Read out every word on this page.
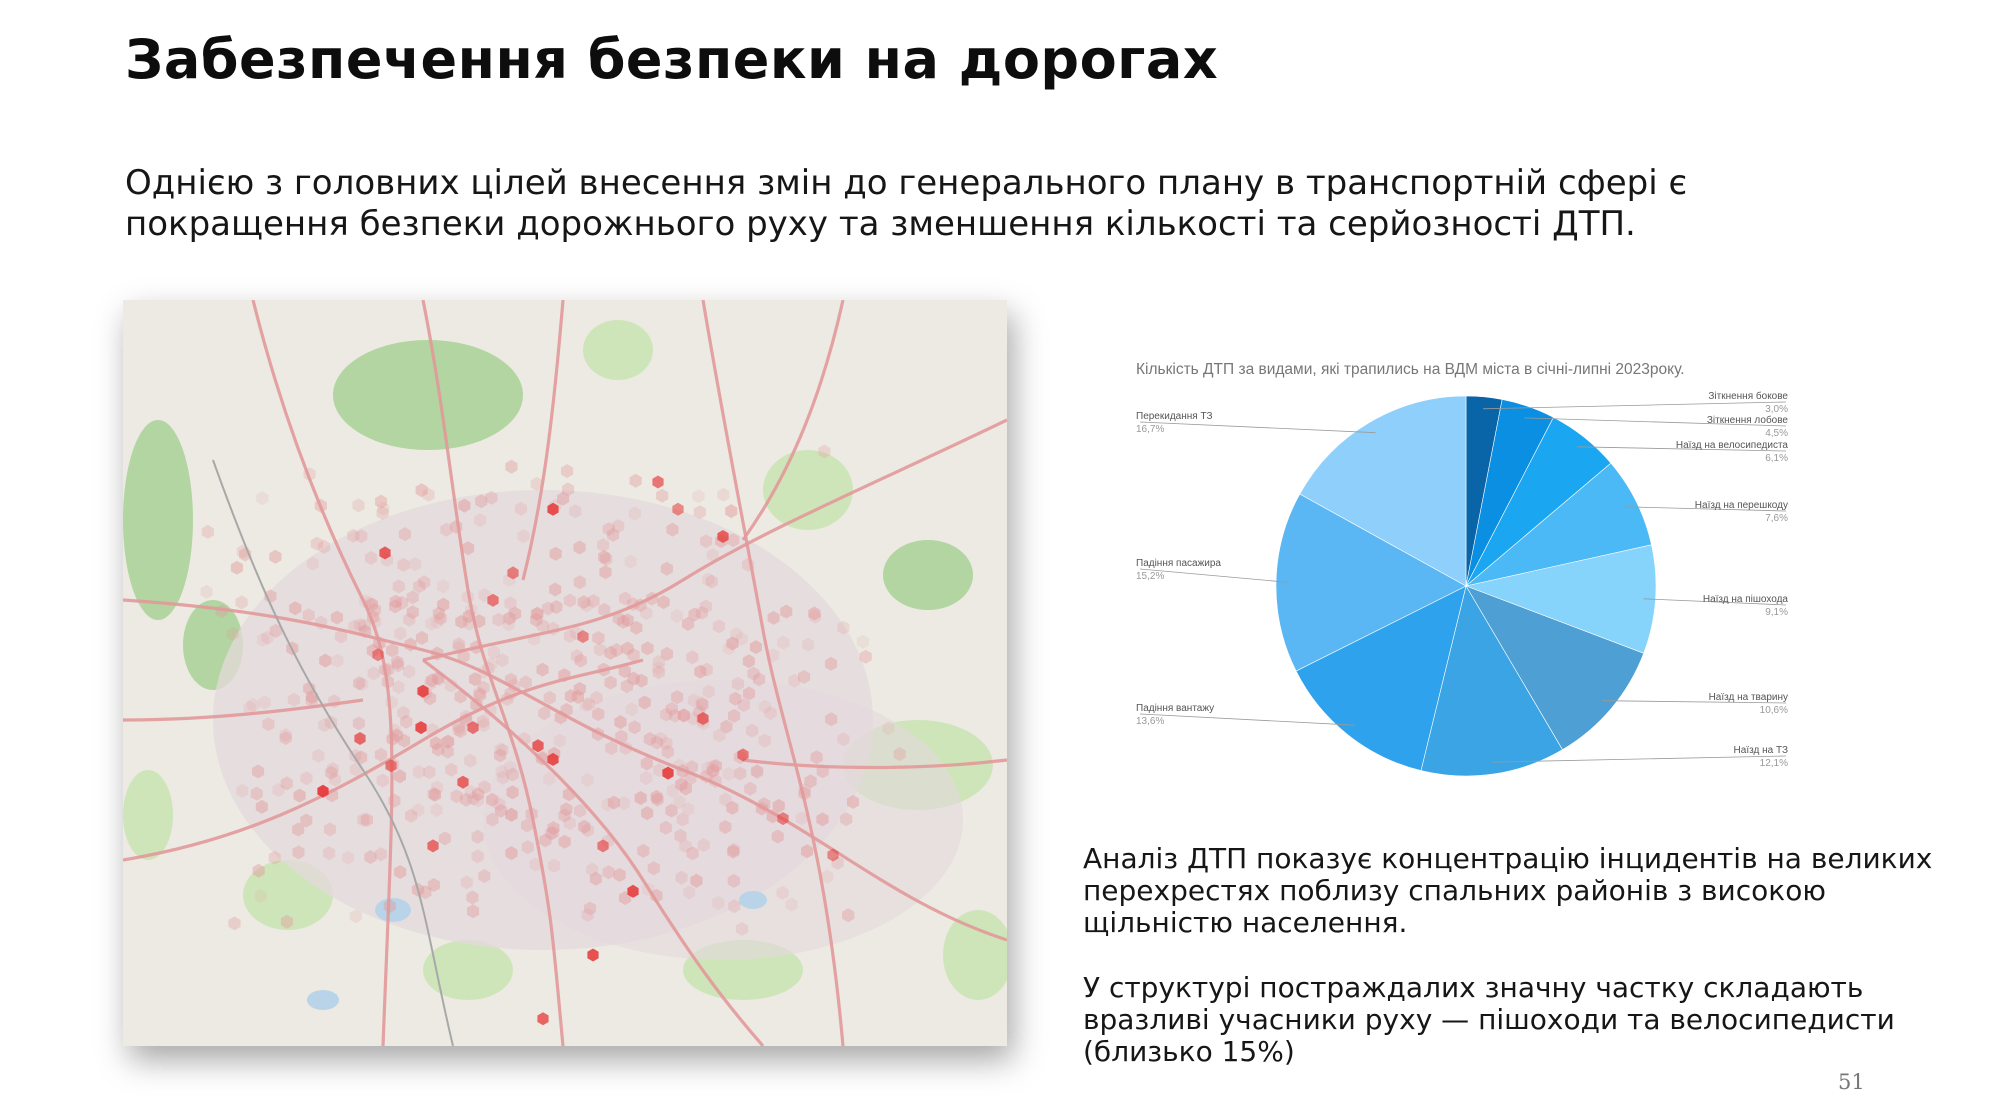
Забезпечення безпеки на дорогах
Однією з головних цілей внесення змін до генерального плану в транспортній сфері є
покращення безпеки дорожнього руху та зменшення кількості та серйозності ДТП.
Кількість ДТП за видами, які трапились на ВДМ міста в січні-липні 2023року.
Зіткнення бокове
3,0%
Зіткнення лобове
4,5%
Наїзд на велосипедиста
6,1%
Наїзд на перешкоду
7,6%
Наїзд на пішохода
9,1%
Наїзд на тварину
10,6%
Наїзд на ТЗ
12,1%
Падіння вантажу
13,6%
Падіння пасажира
15,2%
Перекидання ТЗ
16,7%

Аналіз ДТП показує концентрацію інцидентів на великих перехрестях поблизу спальних районів з високою щільністю населення.

У структурі постраждалих значну частку складають вразливі учасники руху — пішоходи та велосипедисти (близько 15%)

51
